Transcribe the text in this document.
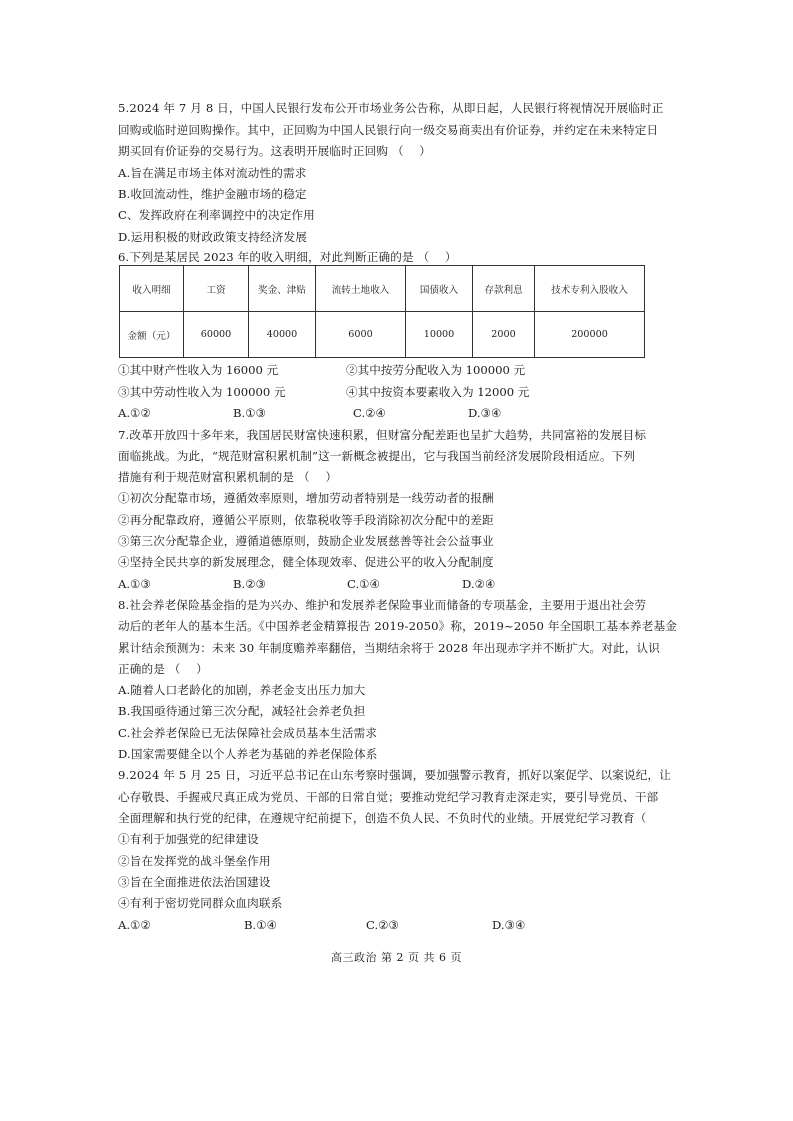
5.2024 年 7 月 8 日，中国人民银行发布公开市场业务公告称，从即日起，人民银行将视情况开展临时正
回购或临时逆回购操作。其中，正回购为中国人民银行向一级交易商卖出有价证券，并约定在未来特定日
期买回有价证券的交易行为。这表明开展临时正回购 （　 ）
A.旨在满足市场主体对流动性的需求
B.收回流动性，维护金融市场的稳定
C、发挥政府在利率调控中的决定作用
D.运用积极的财政政策支持经济发展
6.下列是某居民 2023 年的收入明细，对此判断正确的是 （　 ）
收入明细	工资	奖金、津贴	流转土地收入	国债收入	存款利息	技术专利入股收入
金额（元）	60000	40000	6000	10000	2000	200000
①其中财产性收入为 16000 元	②其中按劳分配收入为 100000 元
③其中劳动性收入为 100000 元	④其中按资本要素收入为 12000 元
A.①②	B.①③	C.②④	D.③④
7.改革开放四十多年来，我国居民财富快速积累，但财富分配差距也呈扩大趋势，共同富裕的发展目标
面临挑战。为此，“规范财富积累机制”这一新概念被提出，它与我国当前经济发展阶段相适应。下列
措施有利于规范财富积累机制的是 （　 ）
①初次分配靠市场，遵循效率原则，增加劳动者特别是一线劳动者的报酬
②再分配靠政府，遵循公平原则，依靠税收等手段消除初次分配中的差距
③第三次分配靠企业，遵循道德原则，鼓励企业发展慈善等社会公益事业
④坚持全民共享的新发展理念，健全体现效率、促进公平的收入分配制度
A.①③	B.②③	C.①④	D.②④
8.社会养老保险基金指的是为兴办、维护和发展养老保险事业而储备的专项基金，主要用于退出社会劳
动后的老年人的基本生活。《中国养老金精算报告 2019-2050》称，2019~2050 年全国职工基本养老基金
累计结余预测为：未来 30 年制度赡养率翻倍，当期结余将于 2028 年出现赤字并不断扩大。对此，认识
正确的是 （　 ）
A.随着人口老龄化的加剧，养老金支出压力加大
B.我国亟待通过第三次分配，减轻社会养老负担
C.社会养老保险已无法保障社会成员基本生活需求
D.国家需要健全以个人养老为基础的养老保险体系
9.2024 年 5 月 25 日，习近平总书记在山东考察时强调，要加强警示教育，抓好以案促学、以案说纪，让
心存敬畏、手握戒尺真正成为党员、干部的日常自觉；要推动党纪学习教育走深走实，要引导党员、干部
全面理解和执行党的纪律，在遵规守纪前提下，创造不负人民、不负时代的业绩。开展党纪学习教育（
①有利于加强党的纪律建设
②旨在发挥党的战斗堡垒作用
③旨在全面推进依法治国建设
④有利于密切党同群众血肉联系
A.①②	B.①④	C.②③	D.③④
高三政治 第 2 页 共 6 页
